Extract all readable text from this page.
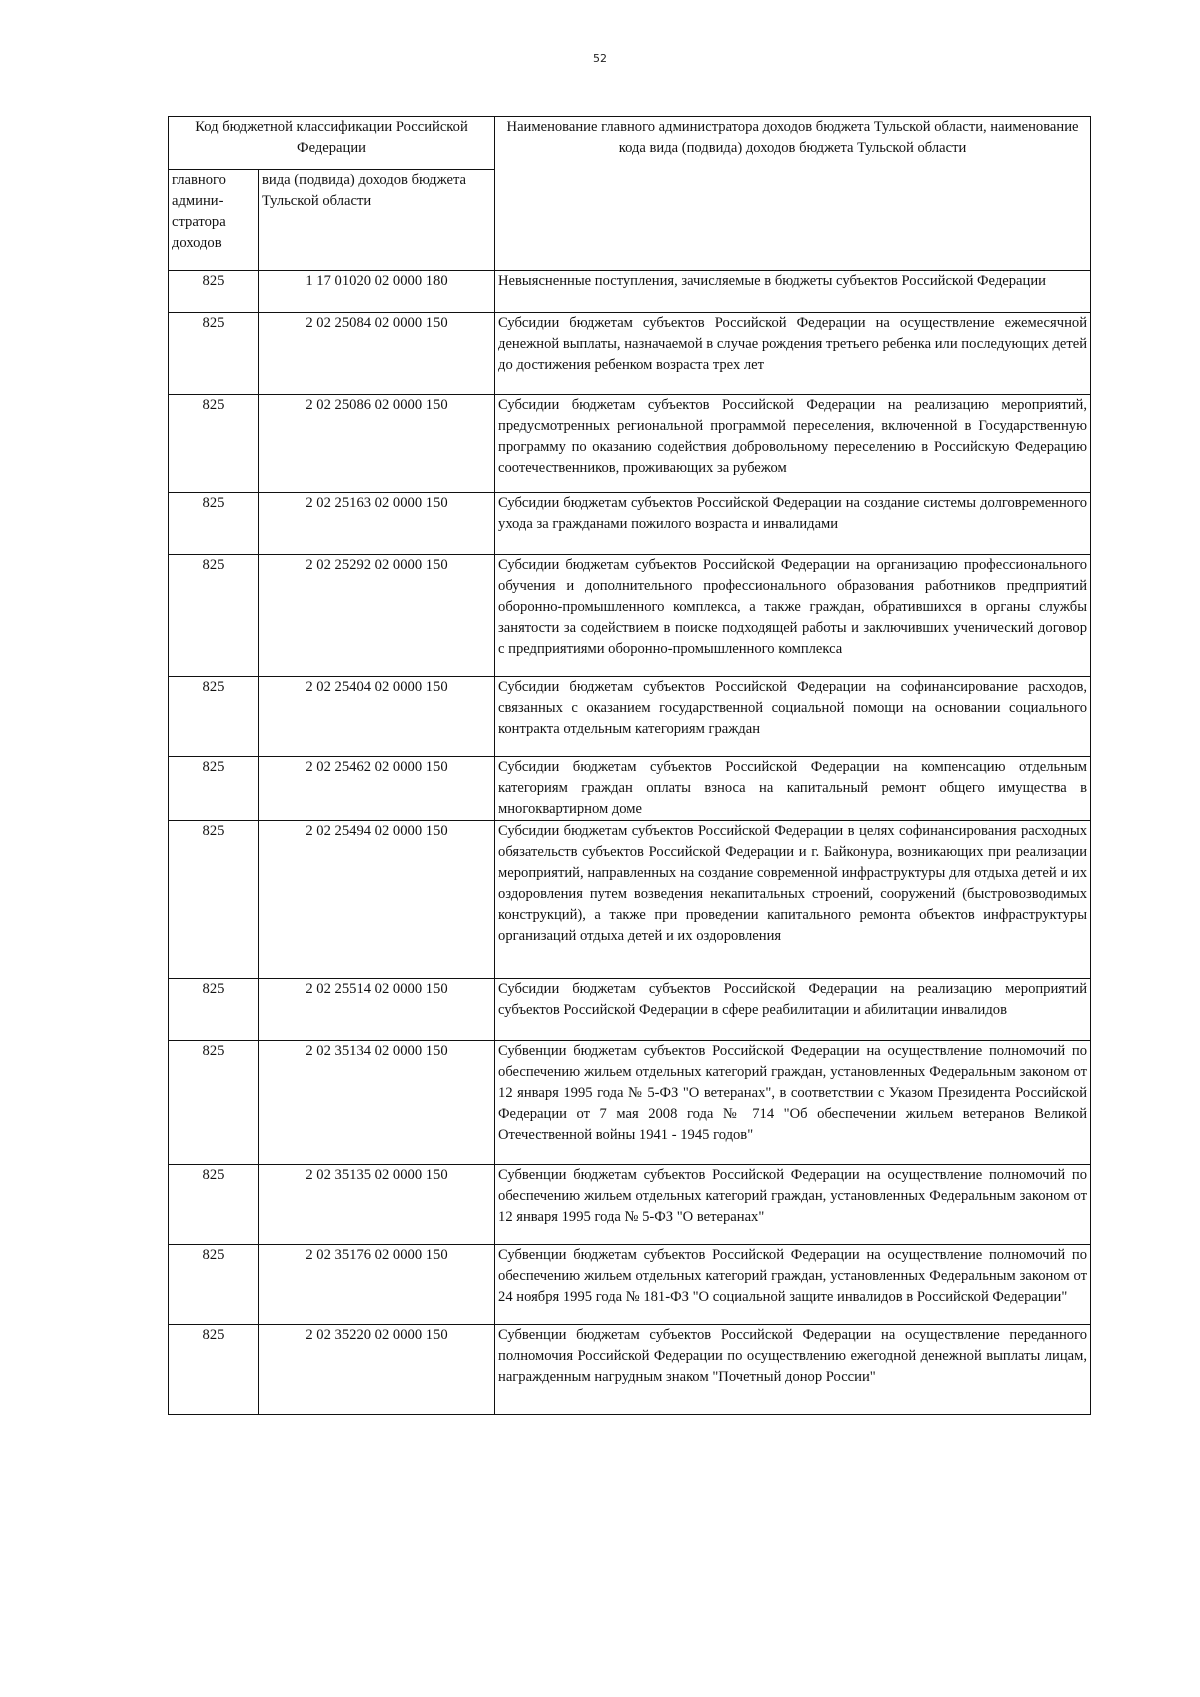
52
Код бюджетной классификации Российской Федерации		Наименование главного администратора доходов бюджета Тульской области, наименование кода вида (подвида) доходов бюджета Тульской области
главного админи-стратора доходов	вида (подвида) доходов бюджета Тульской области	
825	1 17 01020 02 0000 180	Невыясненные поступления, зачисляемые в бюджеты субъектов Российской Федерации
825	2 02 25084 02 0000 150	Субсидии бюджетам субъектов Российской Федерации на осуществление ежемесячной денежной выплаты, назначаемой в случае рождения третьего ребенка или последующих детей до достижения ребенком возраста трех лет
825	2 02 25086 02 0000 150	Субсидии бюджетам субъектов Российской Федерации на реализацию мероприятий, предусмотренных региональной программой переселения, включенной в Государственную программу по оказанию содействия добровольному переселению в Российскую Федерацию соотечественников, проживающих за рубежом
825	2 02 25163 02 0000 150	Субсидии бюджетам субъектов Российской Федерации на создание системы долговременного ухода за гражданами пожилого возраста и инвалидами
825	2 02 25292 02 0000 150	Субсидии бюджетам субъектов Российской Федерации на организацию профессионального обучения и дополнительного профессионального образования работников предприятий оборонно-промышленного комплекса, а также граждан, обратившихся в органы службы занятости за содействием в поиске подходящей работы и заключивших ученический договор с предприятиями оборонно-промышленного комплекса
825	2 02 25404 02 0000 150	Субсидии бюджетам субъектов Российской Федерации на софинансирование расходов, связанных с оказанием государственной социальной помощи на основании социального контракта отдельным категориям граждан
825	2 02 25462 02 0000 150	Субсидии бюджетам субъектов Российской Федерации на компенсацию отдельным категориям граждан оплаты взноса на капитальный ремонт общего имущества в многоквартирном доме
825	2 02 25494 02 0000 150	Субсидии бюджетам субъектов Российской Федерации в целях софинансирования расходных обязательств субъектов Российской Федерации и г. Байконура, возникающих при реализации мероприятий, направленных на создание современной инфраструктуры для отдыха детей и их оздоровления путем возведения некапитальных строений, сооружений (быстровозводимых конструкций), а также при проведении капитального ремонта объектов инфраструктуры организаций отдыха детей и их оздоровления
825	2 02 25514 02 0000 150	Субсидии бюджетам субъектов Российской Федерации на реализацию мероприятий субъектов Российской Федерации в сфере реабилитации и абилитации инвалидов
825	2 02 35134 02 0000 150	Субвенции бюджетам субъектов Российской Федерации на осуществление полномочий по обеспечению жильем отдельных категорий граждан, установленных Федеральным законом от 12 января 1995 года № 5-ФЗ "О ветеранах", в соответствии с Указом Президента Российской Федерации от 7 мая 2008 года № 714 "Об обеспечении жильем ветеранов Великой Отечественной войны 1941 - 1945 годов"
825	2 02 35135 02 0000 150	Субвенции бюджетам субъектов Российской Федерации на осуществление полномочий по обеспечению жильем отдельных категорий граждан, установленных Федеральным законом от 12 января 1995 года № 5-ФЗ "О ветеранах"
825	2 02 35176 02 0000 150	Субвенции бюджетам субъектов Российской Федерации на осуществление полномочий по обеспечению жильем отдельных категорий граждан, установленных Федеральным законом от 24 ноября 1995 года № 181-ФЗ "О социальной защите инвалидов в Российской Федерации"
825	2 02 35220 02 0000 150	Субвенции бюджетам субъектов Российской Федерации на осуществление переданного полномочия Российской Федерации по осуществлению ежегодной денежной выплаты лицам, награжденным нагрудным знаком "Почетный донор России"
